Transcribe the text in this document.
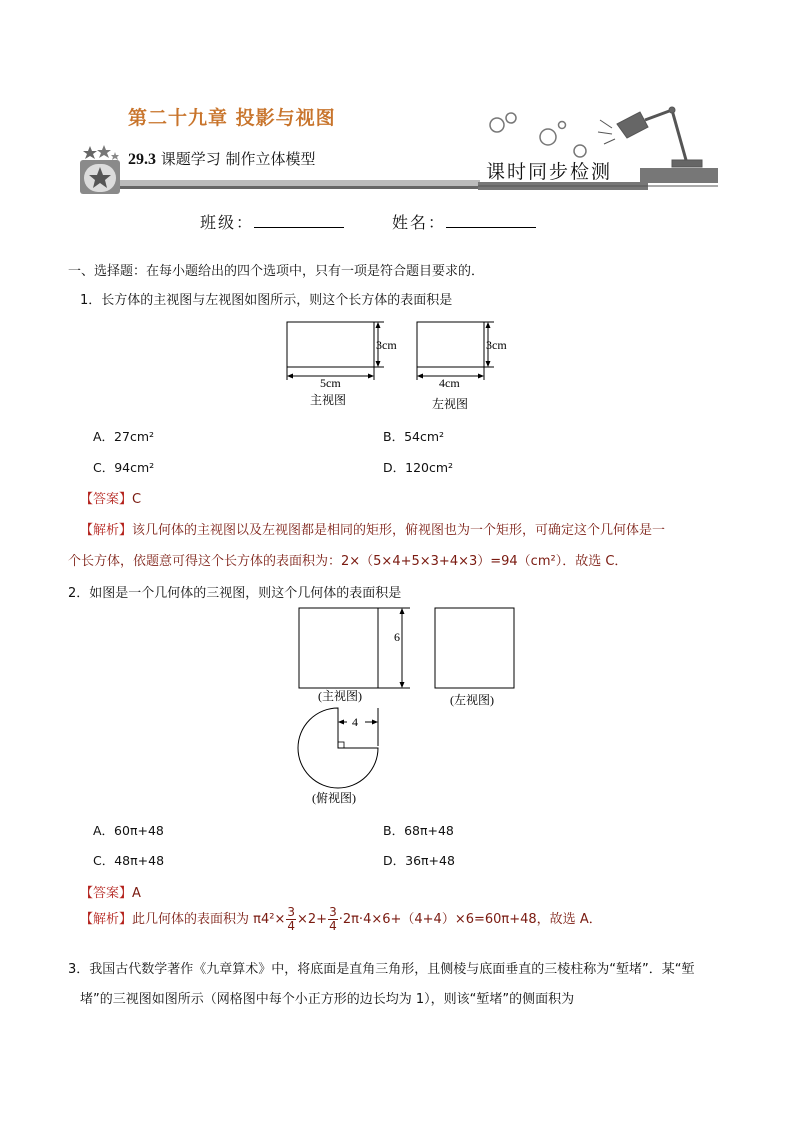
第二十九章 投影与视图
29.3 课题学习 制作立体模型
课时同步检测
班级：	姓名：
一、选择题：在每小题给出的四个选项中，只有一项是符合题目要求的．
1．长方体的主视图与左视图如图所示，则这个长方体的表面积是
3cm
5cm
主视图
3cm
4cm
左视图
A．27cm²	B．54cm²
C．94cm²	D．120cm²
【答案】C
【解析】该几何体的主视图以及左视图都是相同的矩形，俯视图也为一个矩形，可确定这个几何体是一
个长方体，依题意可得这个长方体的表面积为：2×（5×4+5×3+4×3）=94（cm²）．故选 C．
2．如图是一个几何体的三视图，则这个几何体的表面积是
6
(主视图)	(左视图)
4
(俯视图)
A．60π+48	B．68π+48
C．48π+48	D．36π+48
【答案】A
【解析】此几何体的表面积为 $\pi 4^2\times \frac{3}{4} \times 2+ \frac{3}{4} \cdot 2\pi\cdot 4\times 6+(4+4)\times 6=60\pi+48$，故选 A．
3．我国古代数学著作《九章算术》中，将底面是直角三角形，且侧棱与底面垂直的三棱柱称为“堑堵”．某“堑
堵”的三视图如图所示（网格图中每个小正方形的边长均为 1），则该“堑堵”的侧面积为
